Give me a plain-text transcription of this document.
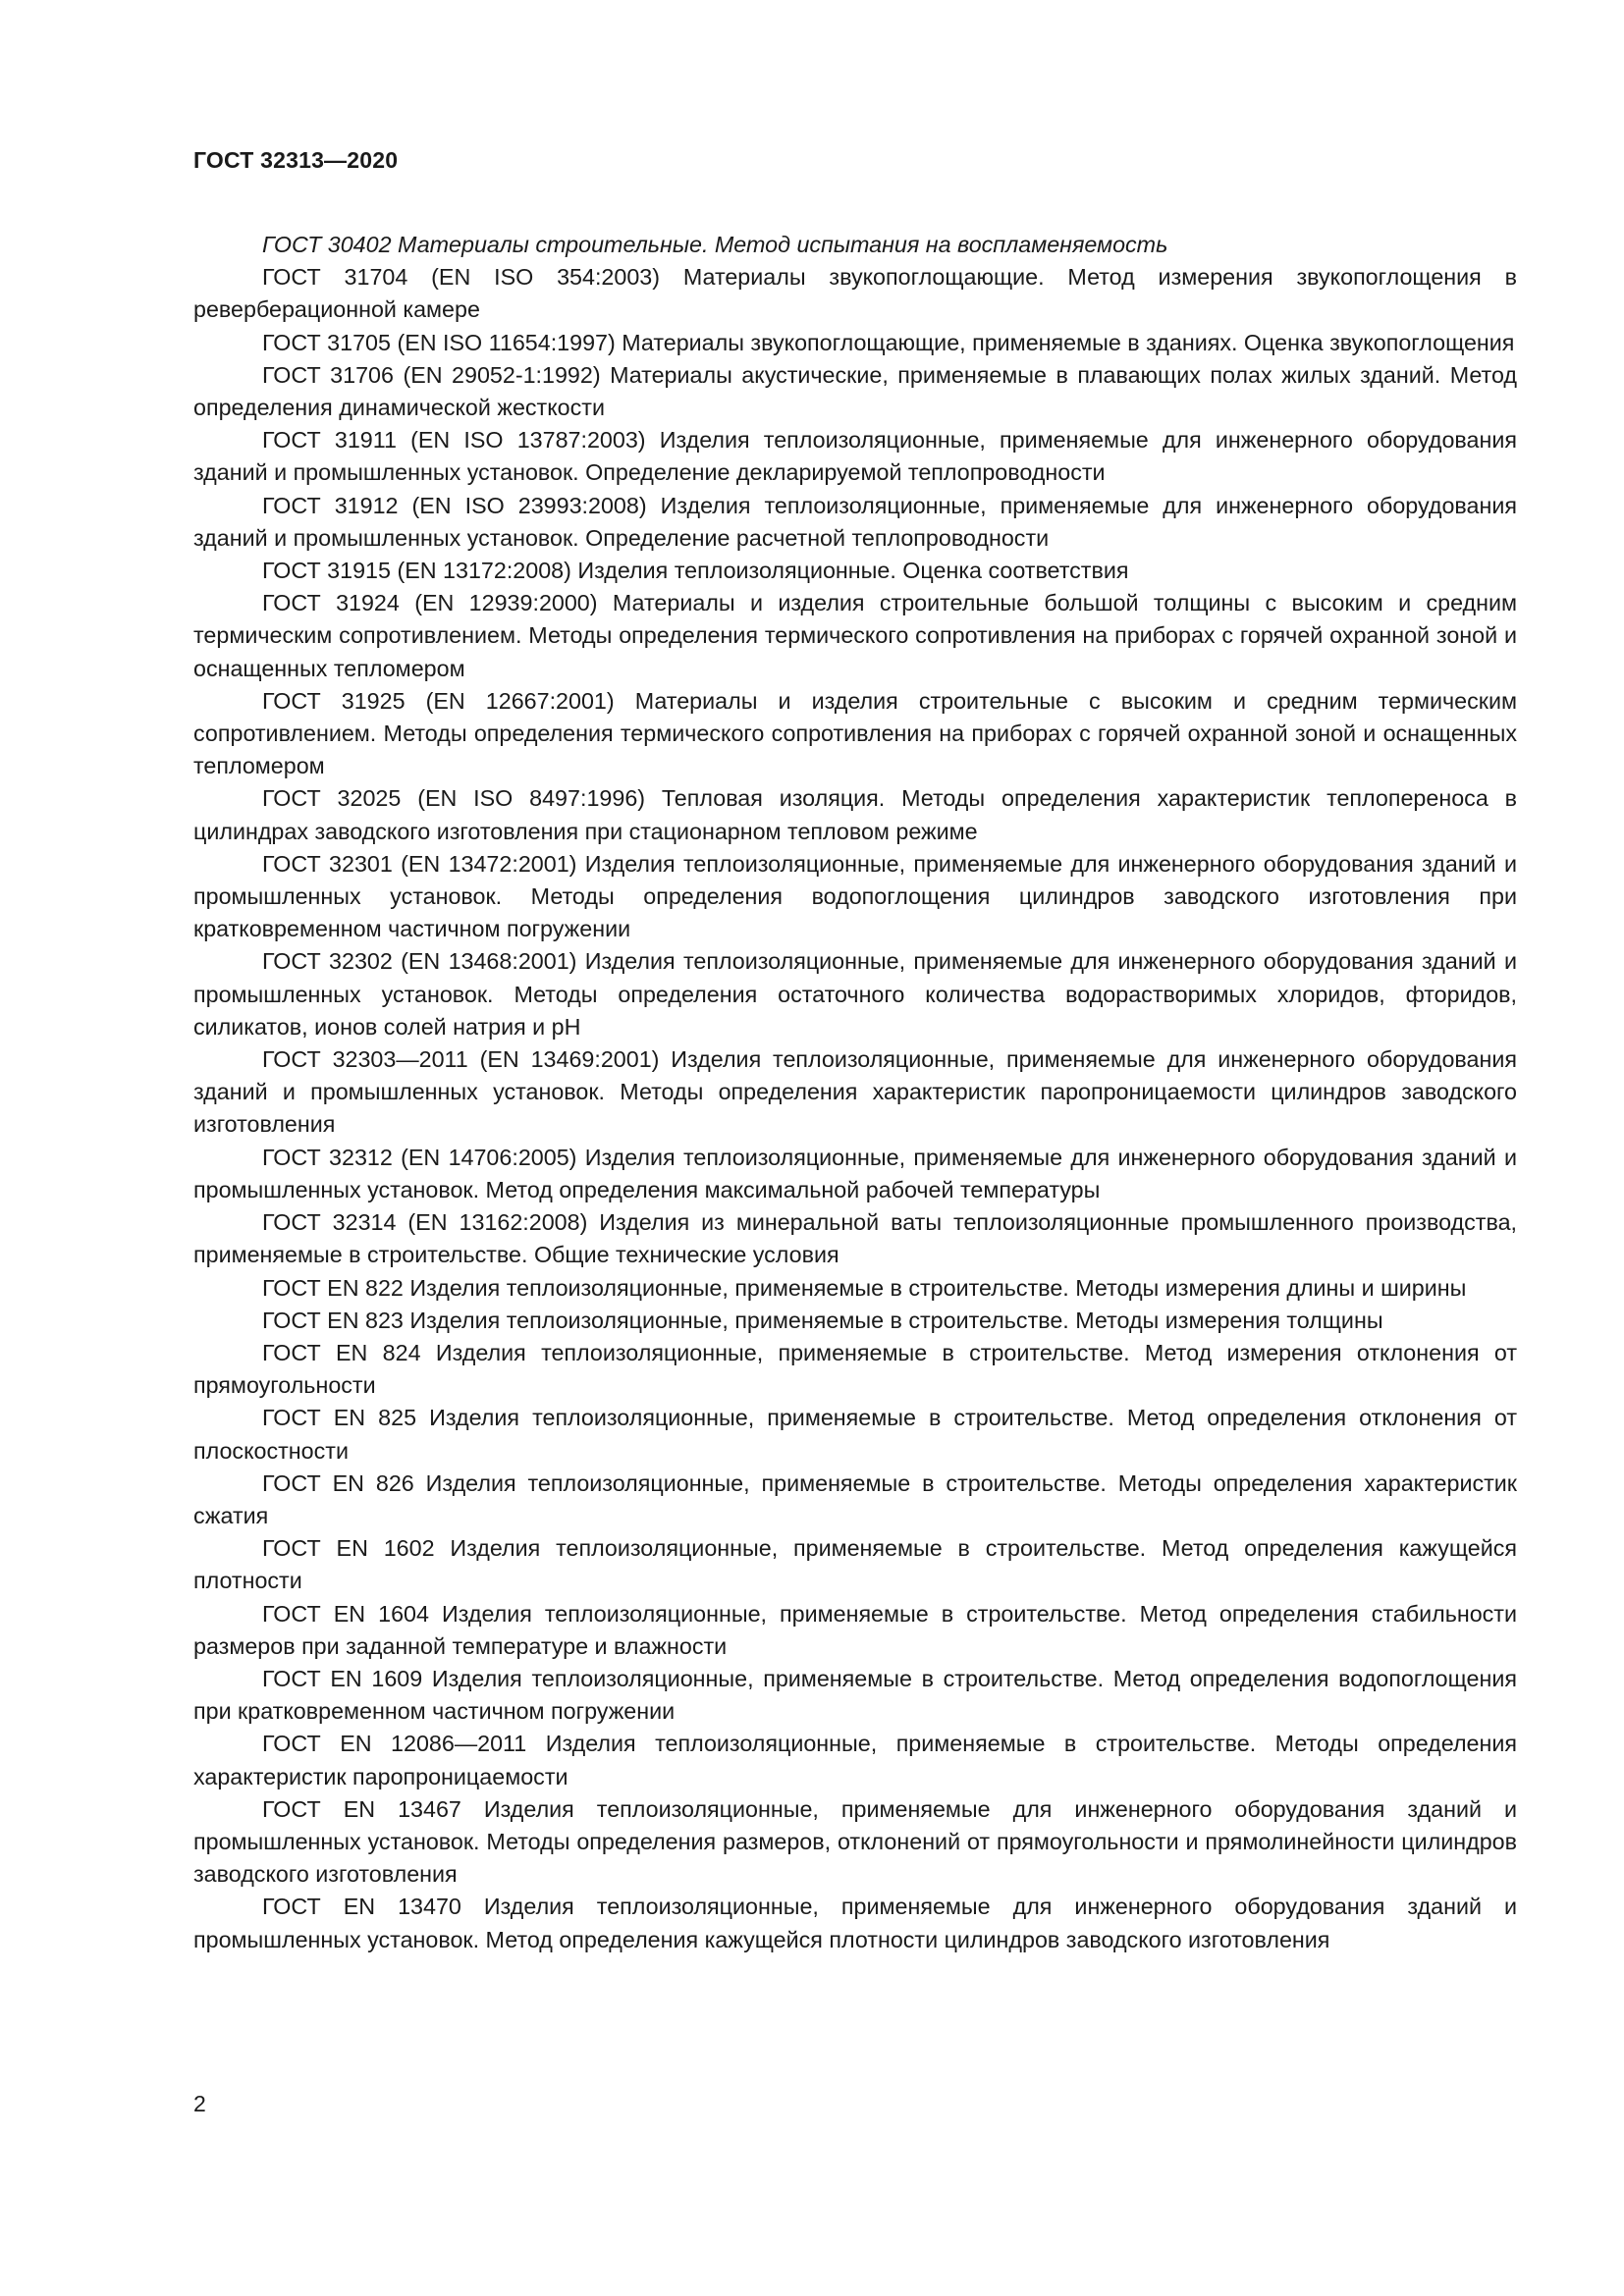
ГОСТ 32313—2020

ГОСТ 30402 Материалы строительные. Метод испытания на воспламеняемость

ГОСТ 31704 (EN ISO 354:2003) Материалы звукопоглощающие. Метод измерения звукопоглощения в реверберационной камере

ГОСТ 31705 (EN ISO 11654:1997) Материалы звукопоглощающие, применяемые в зданиях. Оценка звукопоглощения

ГОСТ 31706 (EN 29052-1:1992) Материалы акустические, применяемые в плавающих полах жилых зданий. Метод определения динамической жесткости

ГОСТ 31911 (EN ISO 13787:2003) Изделия теплоизоляционные, применяемые для инженерного оборудования зданий и промышленных установок. Определение декларируемой теплопроводности

ГОСТ 31912 (EN ISO 23993:2008) Изделия теплоизоляционные, применяемые для инженерного оборудования зданий и промышленных установок. Определение расчетной теплопроводности

ГОСТ 31915 (EN 13172:2008) Изделия теплоизоляционные. Оценка соответствия

ГОСТ 31924 (EN 12939:2000) Материалы и изделия строительные большой толщины с высоким и средним термическим сопротивлением. Методы определения термического сопротивления на приборах с горячей охранной зоной и оснащенных тепломером

ГОСТ 31925 (EN 12667:2001) Материалы и изделия строительные с высоким и средним термическим сопротивлением. Методы определения термического сопротивления на приборах с горячей охранной зоной и оснащенных тепломером

ГОСТ 32025 (EN ISO 8497:1996) Тепловая изоляция. Методы определения характеристик теплопереноса в цилиндрах заводского изготовления при стационарном тепловом режиме

ГОСТ 32301 (EN 13472:2001) Изделия теплоизоляционные, применяемые для инженерного оборудования зданий и промышленных установок. Методы определения водопоглощения цилиндров заводского изготовления при кратковременном частичном погружении

ГОСТ 32302 (EN 13468:2001) Изделия теплоизоляционные, применяемые для инженерного оборудования зданий и промышленных установок. Методы определения остаточного количества водорастворимых хлоридов, фторидов, силикатов, ионов солей натрия и pH

ГОСТ 32303—2011 (EN 13469:2001) Изделия теплоизоляционные, применяемые для инженерного оборудования зданий и промышленных установок. Методы определения характеристик паропроницаемости цилиндров заводского изготовления

ГОСТ 32312 (EN 14706:2005) Изделия теплоизоляционные, применяемые для инженерного оборудования зданий и промышленных установок. Метод определения максимальной рабочей температуры

ГОСТ 32314 (EN 13162:2008) Изделия из минеральной ваты теплоизоляционные промышленного производства, применяемые в строительстве. Общие технические условия

ГОСТ EN 822 Изделия теплоизоляционные, применяемые в строительстве. Методы измерения длины и ширины

ГОСТ EN 823 Изделия теплоизоляционные, применяемые в строительстве. Методы измерения толщины

ГОСТ EN 824 Изделия теплоизоляционные, применяемые в строительстве. Метод измерения отклонения от прямоугольности

ГОСТ EN 825 Изделия теплоизоляционные, применяемые в строительстве. Метод определения отклонения от плоскостности

ГОСТ EN 826 Изделия теплоизоляционные, применяемые в строительстве. Методы определения характеристик сжатия

ГОСТ EN 1602 Изделия теплоизоляционные, применяемые в строительстве. Метод определения кажущейся плотности

ГОСТ EN 1604 Изделия теплоизоляционные, применяемые в строительстве. Метод определения стабильности размеров при заданной температуре и влажности

ГОСТ EN 1609 Изделия теплоизоляционные, применяемые в строительстве. Метод определения водопоглощения при кратковременном частичном погружении

ГОСТ EN 12086—2011 Изделия теплоизоляционные, применяемые в строительстве. Методы определения характеристик паропроницаемости

ГОСТ EN 13467 Изделия теплоизоляционные, применяемые для инженерного оборудования зданий и промышленных установок. Методы определения размеров, отклонений от прямоугольности и прямолинейности цилиндров заводского изготовления

ГОСТ EN 13470 Изделия теплоизоляционные, применяемые для инженерного оборудования зданий и промышленных установок. Метод определения кажущейся плотности цилиндров заводского изготовления

2
